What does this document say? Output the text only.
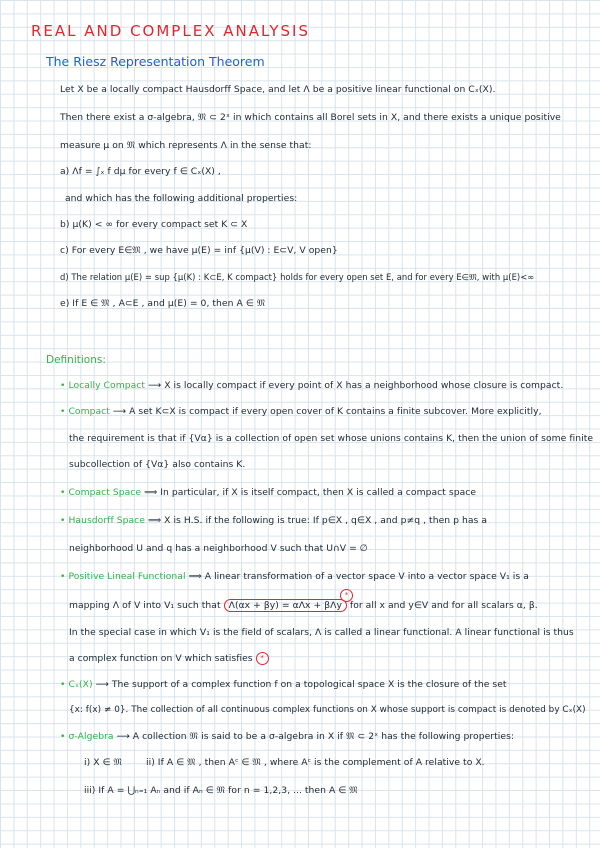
REAL AND COMPLEX ANALYSIS
The Riesz Representation Theorem
Let X be a locally compact Hausdorff Space, and let Λ be a positive linear functional on Cₓ(X).
Then there exist a σ-algebra, 𝔐 ⊂ 2ˣ in which contains all Borel sets in X, and there exists a unique positive
measure μ on 𝔐 which represents Λ in the sense that:
a) Λf = ∫ₓ f dμ for every f ∈ Cₓ(X) ,
and which has the following additional properties:
b) μ(K) < ∞ for every compact set K ⊂ X
c) For every E∈𝔐 , we have μ(E) = inf {μ(V) : E⊂V, V open}
d) The relation μ(E) = sup {μ(K) : K⊂E, K compact} holds for every open set E, and for every E∈𝔐, with μ(E)<∞
e) If E ∈ 𝔐 , A⊂E , and μ(E) = 0, then A ∈ 𝔐
Definitions:
• Locally Compact ⟶ X is locally compact if every point of X has a neighborhood whose closure is compact.
• Compact ⟶ A set K⊂X is compact if every open cover of K contains a finite subcover. More explicitly,
the requirement is that if {Vα} is a collection of open set whose unions contains K, then the union of some finite
subcollection of {Vα} also contains K.
• Compact Space ⟹ In particular, if X is itself compact, then X is called a compact space
• Hausdorff Space ⟹ X is H.S. if the following is true: If p∈X , q∈X , and p≠q , then p has a
neighborhood U and q has a neighborhood V such that U∩V = ∅
• Positive Lineal Functional ⟹ A linear transformation of a vector space V into a vector space V₁ is a
*
mapping Λ of V into V₁ such that Λ(αx + βy) = αΛx + βΛy for all x and y∈V and for all scalars α, β.
In the special case in which V₁ is the field of scalars, Λ is called a linear functional. A linear functional is thus
a complex function on V which satisfies *
• Cₓ(X) ⟶ The support of a complex function f on a topological space X is the closure of the set
{x: f(x) ≠ 0}. The collection of all continuous complex functions on X whose support is compact is denoted by Cₓ(X)
• σ-Algebra ⟶ A collection 𝔐 is said to be a σ-algebra in X if 𝔐 ⊂ 2ˣ has the following properties:
i) X ∈ 𝔐	ii) If A ∈ 𝔐 , then Aᶜ ∈ 𝔐 , where Aᶜ is the complement of A relative to X.
iii) If A = ⋃ₙ₌₁ Aₙ and if Aₙ ∈ 𝔐 for n = 1,2,3, ... then A ∈ 𝔐
